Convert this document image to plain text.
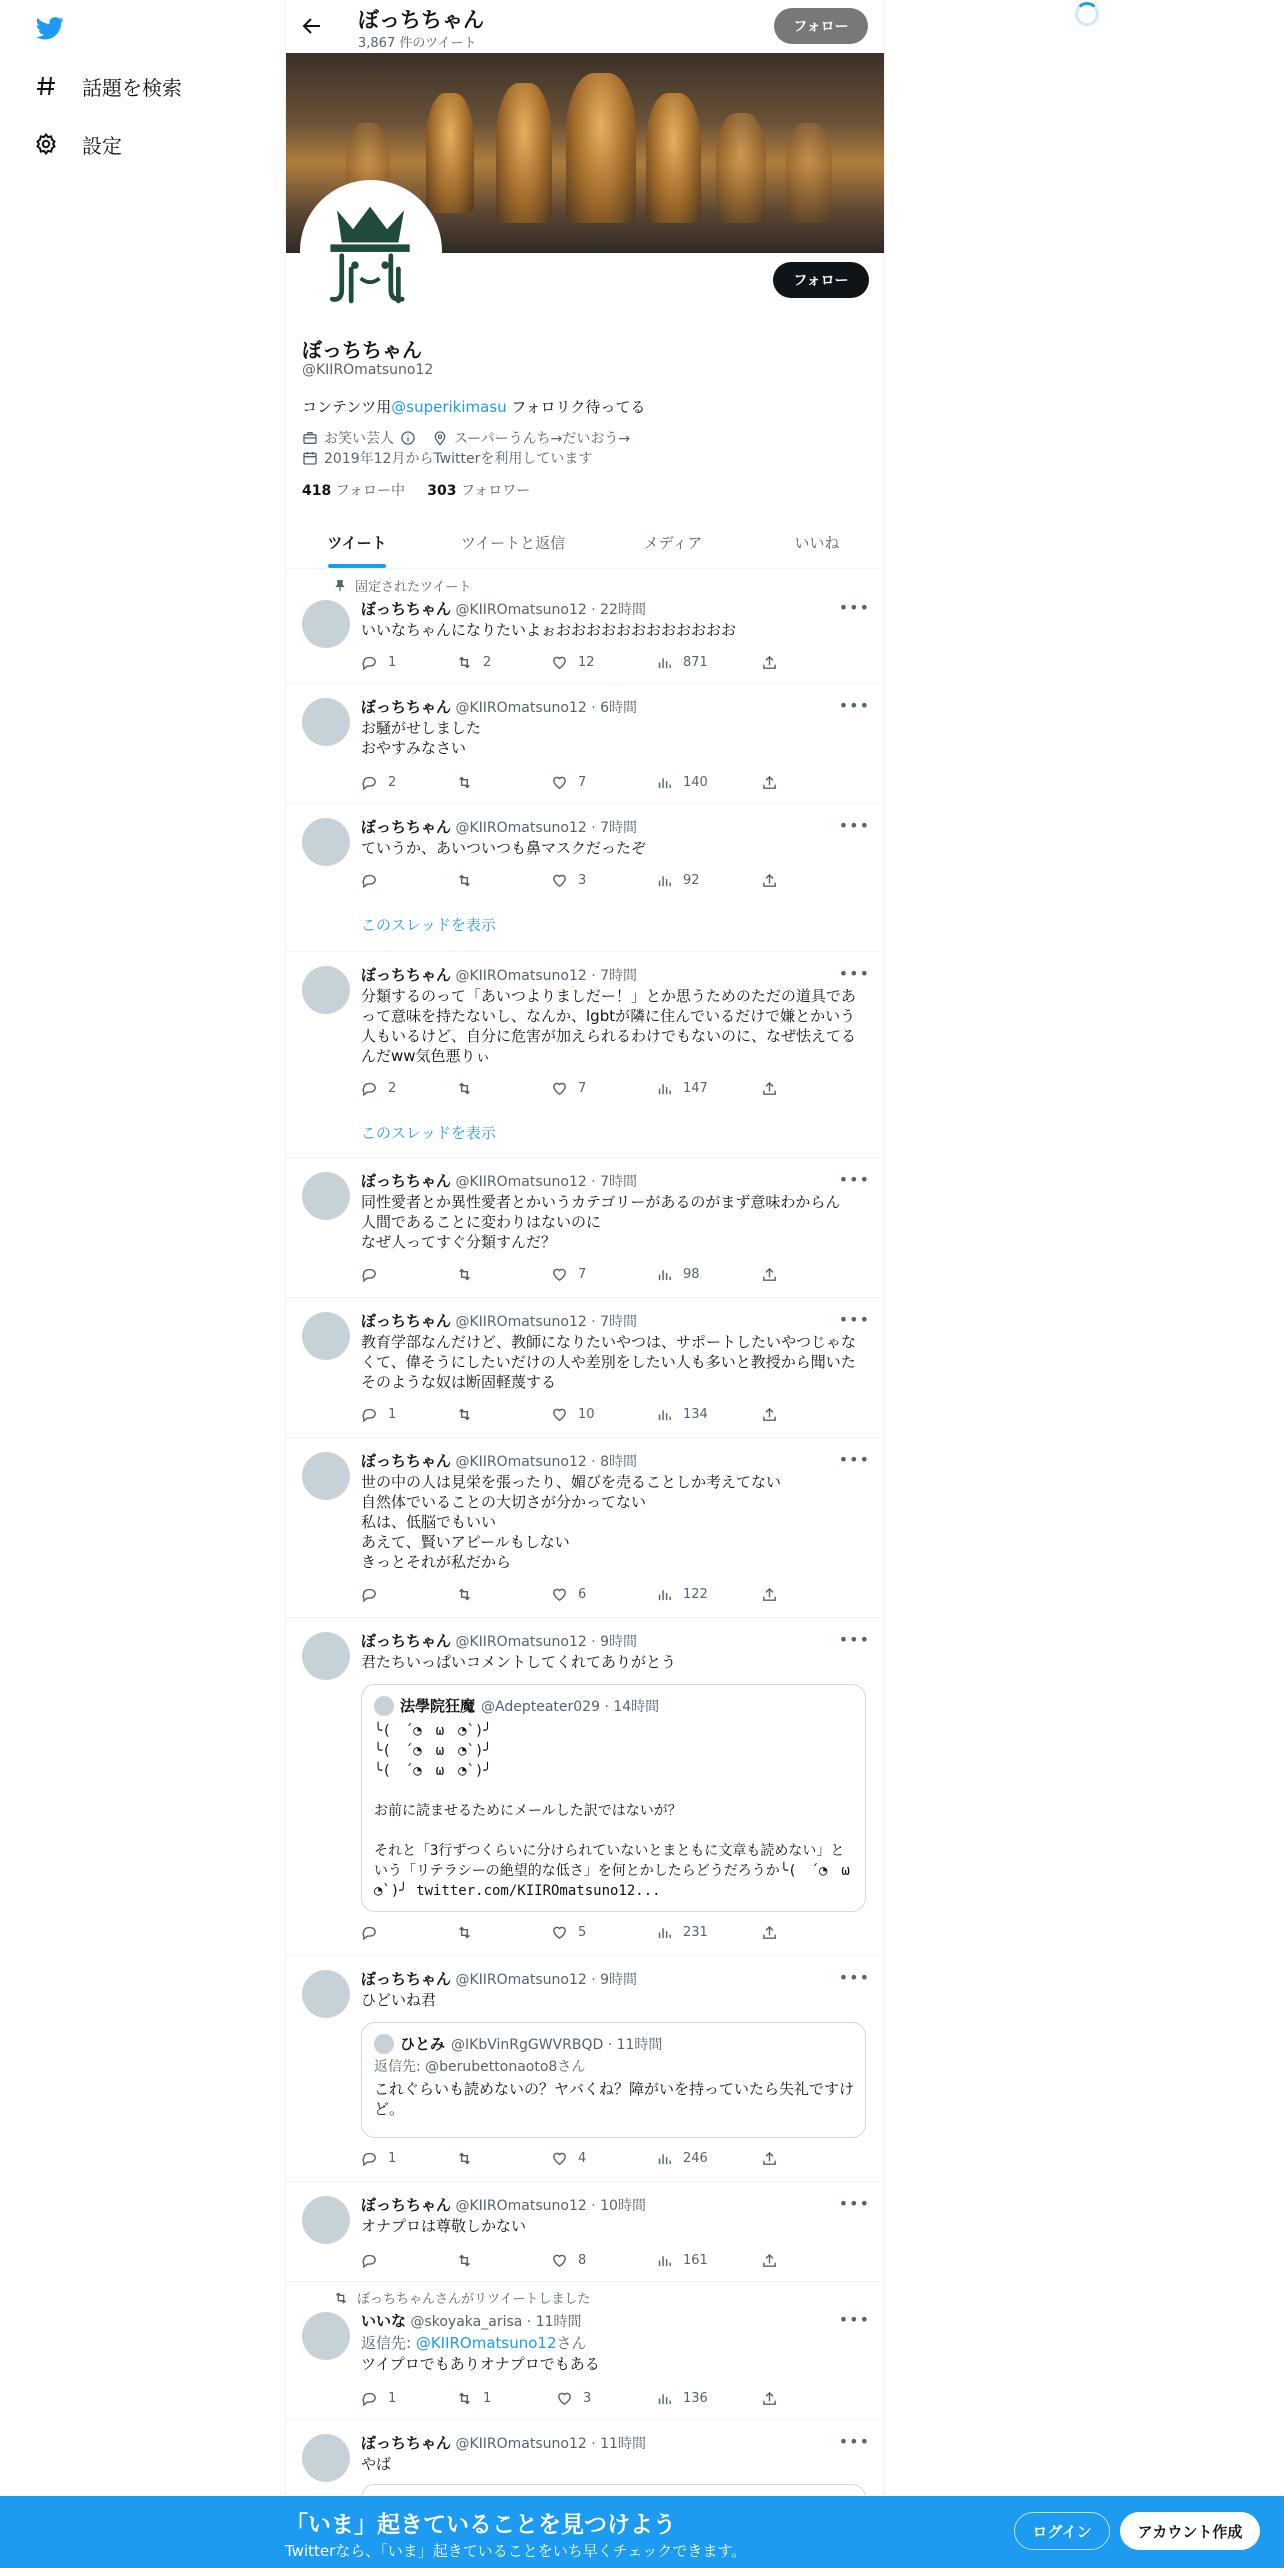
話題を検索
設定
ぼっちちゃん
3,867 件のツイート
フォロー
フォロー
ぼっちちゃん
@KIIROmatsuno12
コンテンツ用@superikimasu フォロリク待ってる
お笑い芸人	スーパーうんち→だいおう→
2019年12月からTwitterを利用しています
418 フォロー中 303 フォロワー
ツイート	ツイートと返信	メディア	いいね
固定されたツイート
ぼっちちゃん @KIIROmatsuno12 · 22時間	•••
いいなちゃんになりたいよぉおおおおおおおおおおおお
1	2	12	871
ぼっちちゃん @KIIROmatsuno12 · 6時間	•••
お騒がせしました
おやすみなさい
2	7	140
ぼっちちゃん @KIIROmatsuno12 · 7時間	•••
ていうか、あいついつも鼻マスクだったぞ
3	92
このスレッドを表示
ぼっちちゃん @KIIROmatsuno12 · 7時間	•••
分類するのって「あいつよりましだー！」とか思うためのただの道具であって意味を持たないし、なんか、lgbtが隣に住んでいるだけで嫌とかいう人もいるけど、自分に危害が加えられるわけでもないのに、なぜ怯えてるんだww気色悪りぃ
2	7	147
このスレッドを表示
ぼっちちゃん @KIIROmatsuno12 · 7時間	•••
同性愛者とか異性愛者とかいうカテゴリーがあるのがまず意味わからん
人間であることに変わりはないのに
なぜ人ってすぐ分類すんだ？
7	98
ぼっちちゃん @KIIROmatsuno12 · 7時間	•••
教育学部なんだけど、教師になりたいやつは、サポートしたいやつじゃなくて、偉そうにしたいだけの人や差別をしたい人も多いと教授から聞いたそのような奴は断固軽蔑する
1	10	134
ぼっちちゃん @KIIROmatsuno12 · 8時間	•••
世の中の人は見栄を張ったり、媚びを売ることしか考えてない
自然体でいることの大切さが分かってない
私は、低脳でもいい
あえて、賢いアピールもしない
きっとそれが私だから
6	122
ぼっちちゃん @KIIROmatsuno12 · 9時間	•••
君たちいっぱいコメントしてくれてありがとう
法學院狂魔 @Adepteater029 · 14時間
╰(　´◔　ω　◔`)╯
╰(　´◔　ω　◔`)╯
╰(　´◔　ω　◔`)╯

お前に読ませるためにメールした訳ではないが？

それと「3行ずつくらいに分けられていないとまともに文章も読めない」という「リテラシーの絶望的な低さ」を何とかしたらどうだろうか╰(　´◔　ω　◔`)╯ twitter.com/KIIROmatsuno12...
5	231
ぼっちちゃん @KIIROmatsuno12 · 9時間	•••
ひどいね君
ひとみ @IKbVinRgGWVRBQD · 11時間
返信先: @berubettonaoto8さん
これぐらいも読めないの？ヤバくね？障がいを持っていたら失礼ですけど。
1	4	246
ぼっちちゃん @KIIROmatsuno12 · 10時間	•••
オナプロは尊敬しかない
8	161
ぼっちちゃんさんがリツイートしました
いいな @skoyaka_arisa · 11時間	•••
返信先: @KIIROmatsuno12さん
ツイプロでもありオナプロでもある
1	1	3	136
ぼっちちゃん @KIIROmatsuno12 · 11時間	•••
やば
「いま」起きていることを見つけよう
Twitterなら、「いま」起きていることをいち早くチェックできます。
ログイン	アカウント作成
